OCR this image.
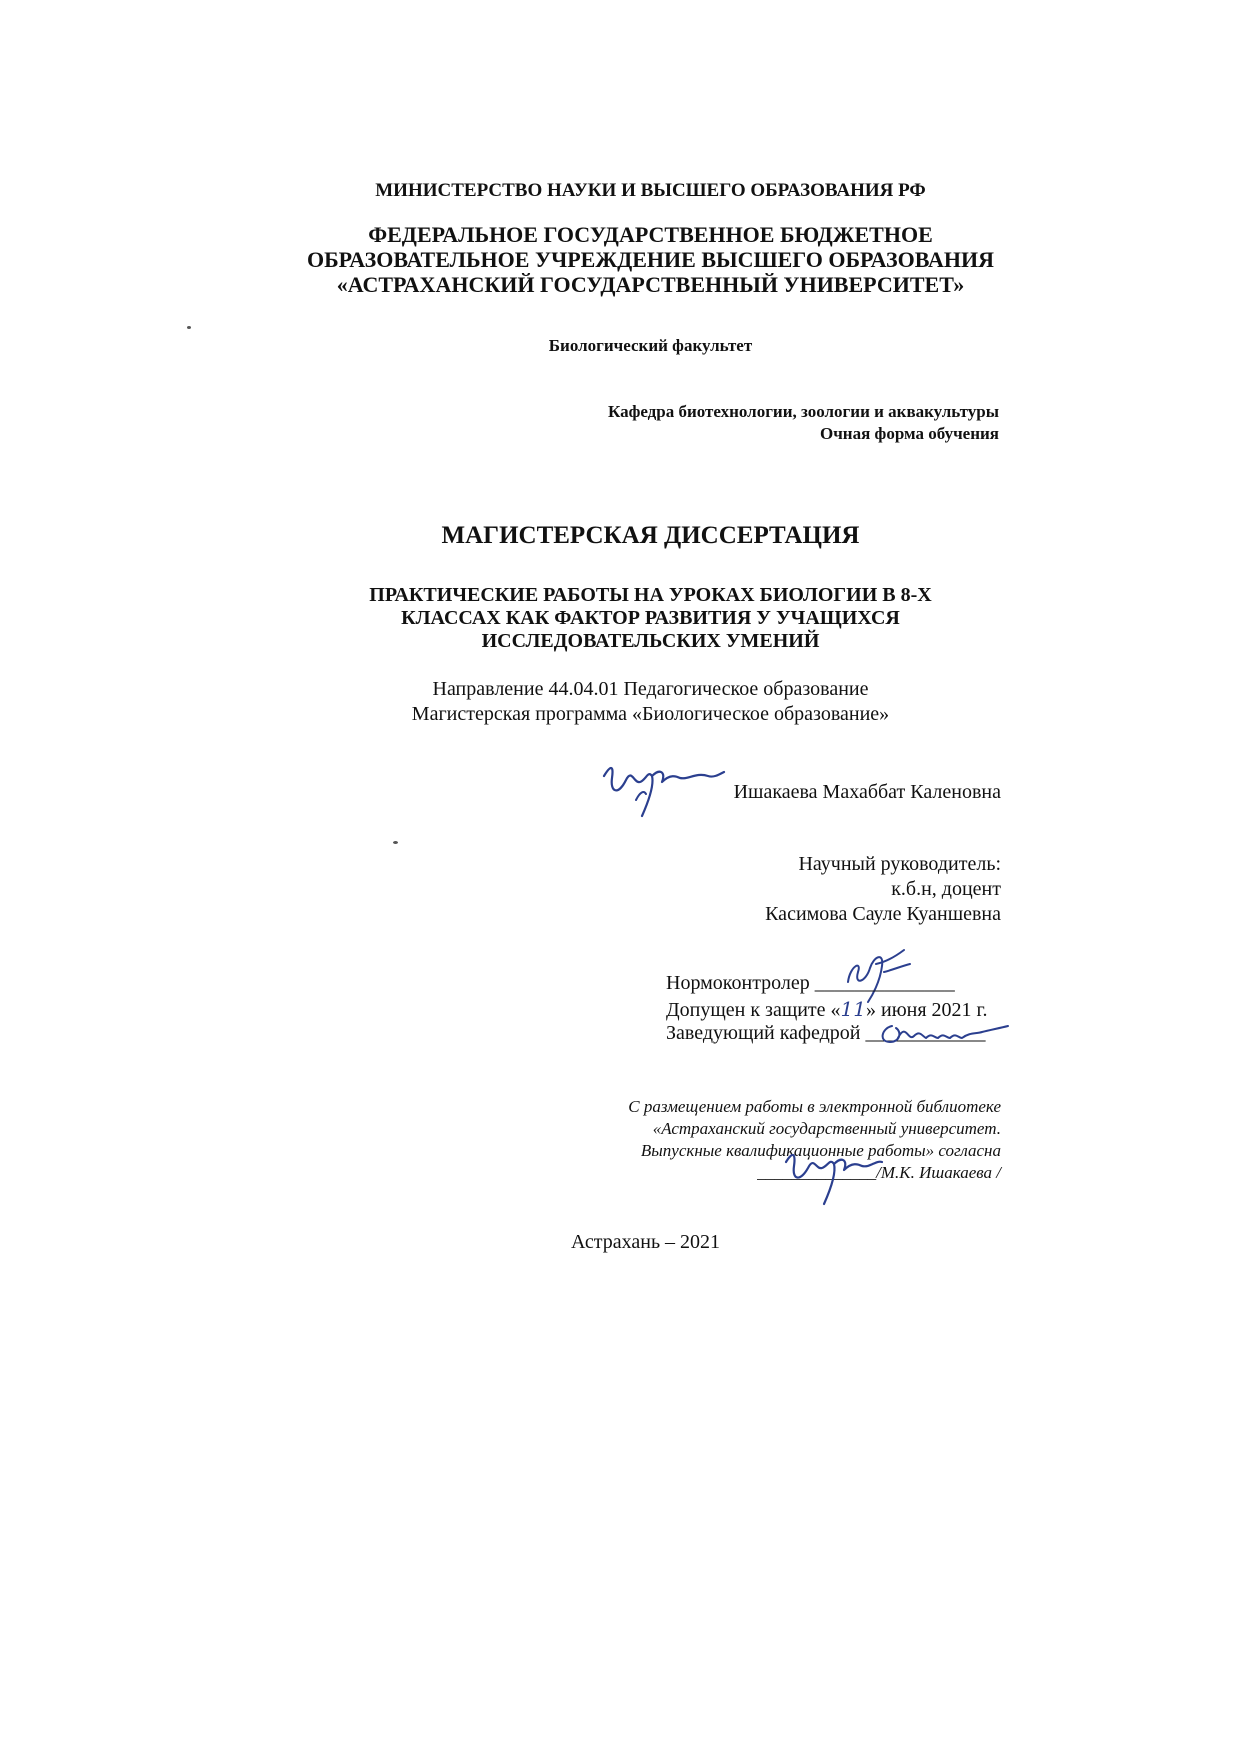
МИНИСТЕРСТВО НАУКИ И ВЫСШЕГО ОБРАЗОВАНИЯ РФ
ФЕДЕРАЛЬНОЕ ГОСУДАРСТВЕННОЕ БЮДЖЕТНОЕ
ОБРАЗОВАТЕЛЬНОЕ УЧРЕЖДЕНИЕ ВЫСШЕГО ОБРАЗОВАНИЯ
«АСТРАХАНСКИЙ ГОСУДАРСТВЕННЫЙ УНИВЕРСИТЕТ»
Биологический факультет
Кафедра биотехнологии, зоологии и аквакультуры
Очная форма обучения
МАГИСТЕРСКАЯ ДИССЕРТАЦИЯ
ПРАКТИЧЕСКИЕ РАБОТЫ НА УРОКАХ БИОЛОГИИ В 8-Х
КЛАССАХ КАК ФАКТОР РАЗВИТИЯ У УЧАЩИХСЯ
ИССЛЕДОВАТЕЛЬСКИХ УМЕНИЙ
Направление 44.04.01 Педагогическое образование
Магистерская программа «Биологическое образование»
Ишакаева Махаббат Каленовна
Научный руководитель:
к.б.н, доцент
Касимова Сауле Куаншевна
Нормоконтролер ______________
Допущен к защите «11» июня 2021 г.
Заведующий кафедрой ____________
С размещением работы в электронной библиотеке
«Астраханский государственный университет.
Выпускные квалификационные работы» согласна
______________/М.К. Ишакаева /
Астрахань – 2021
